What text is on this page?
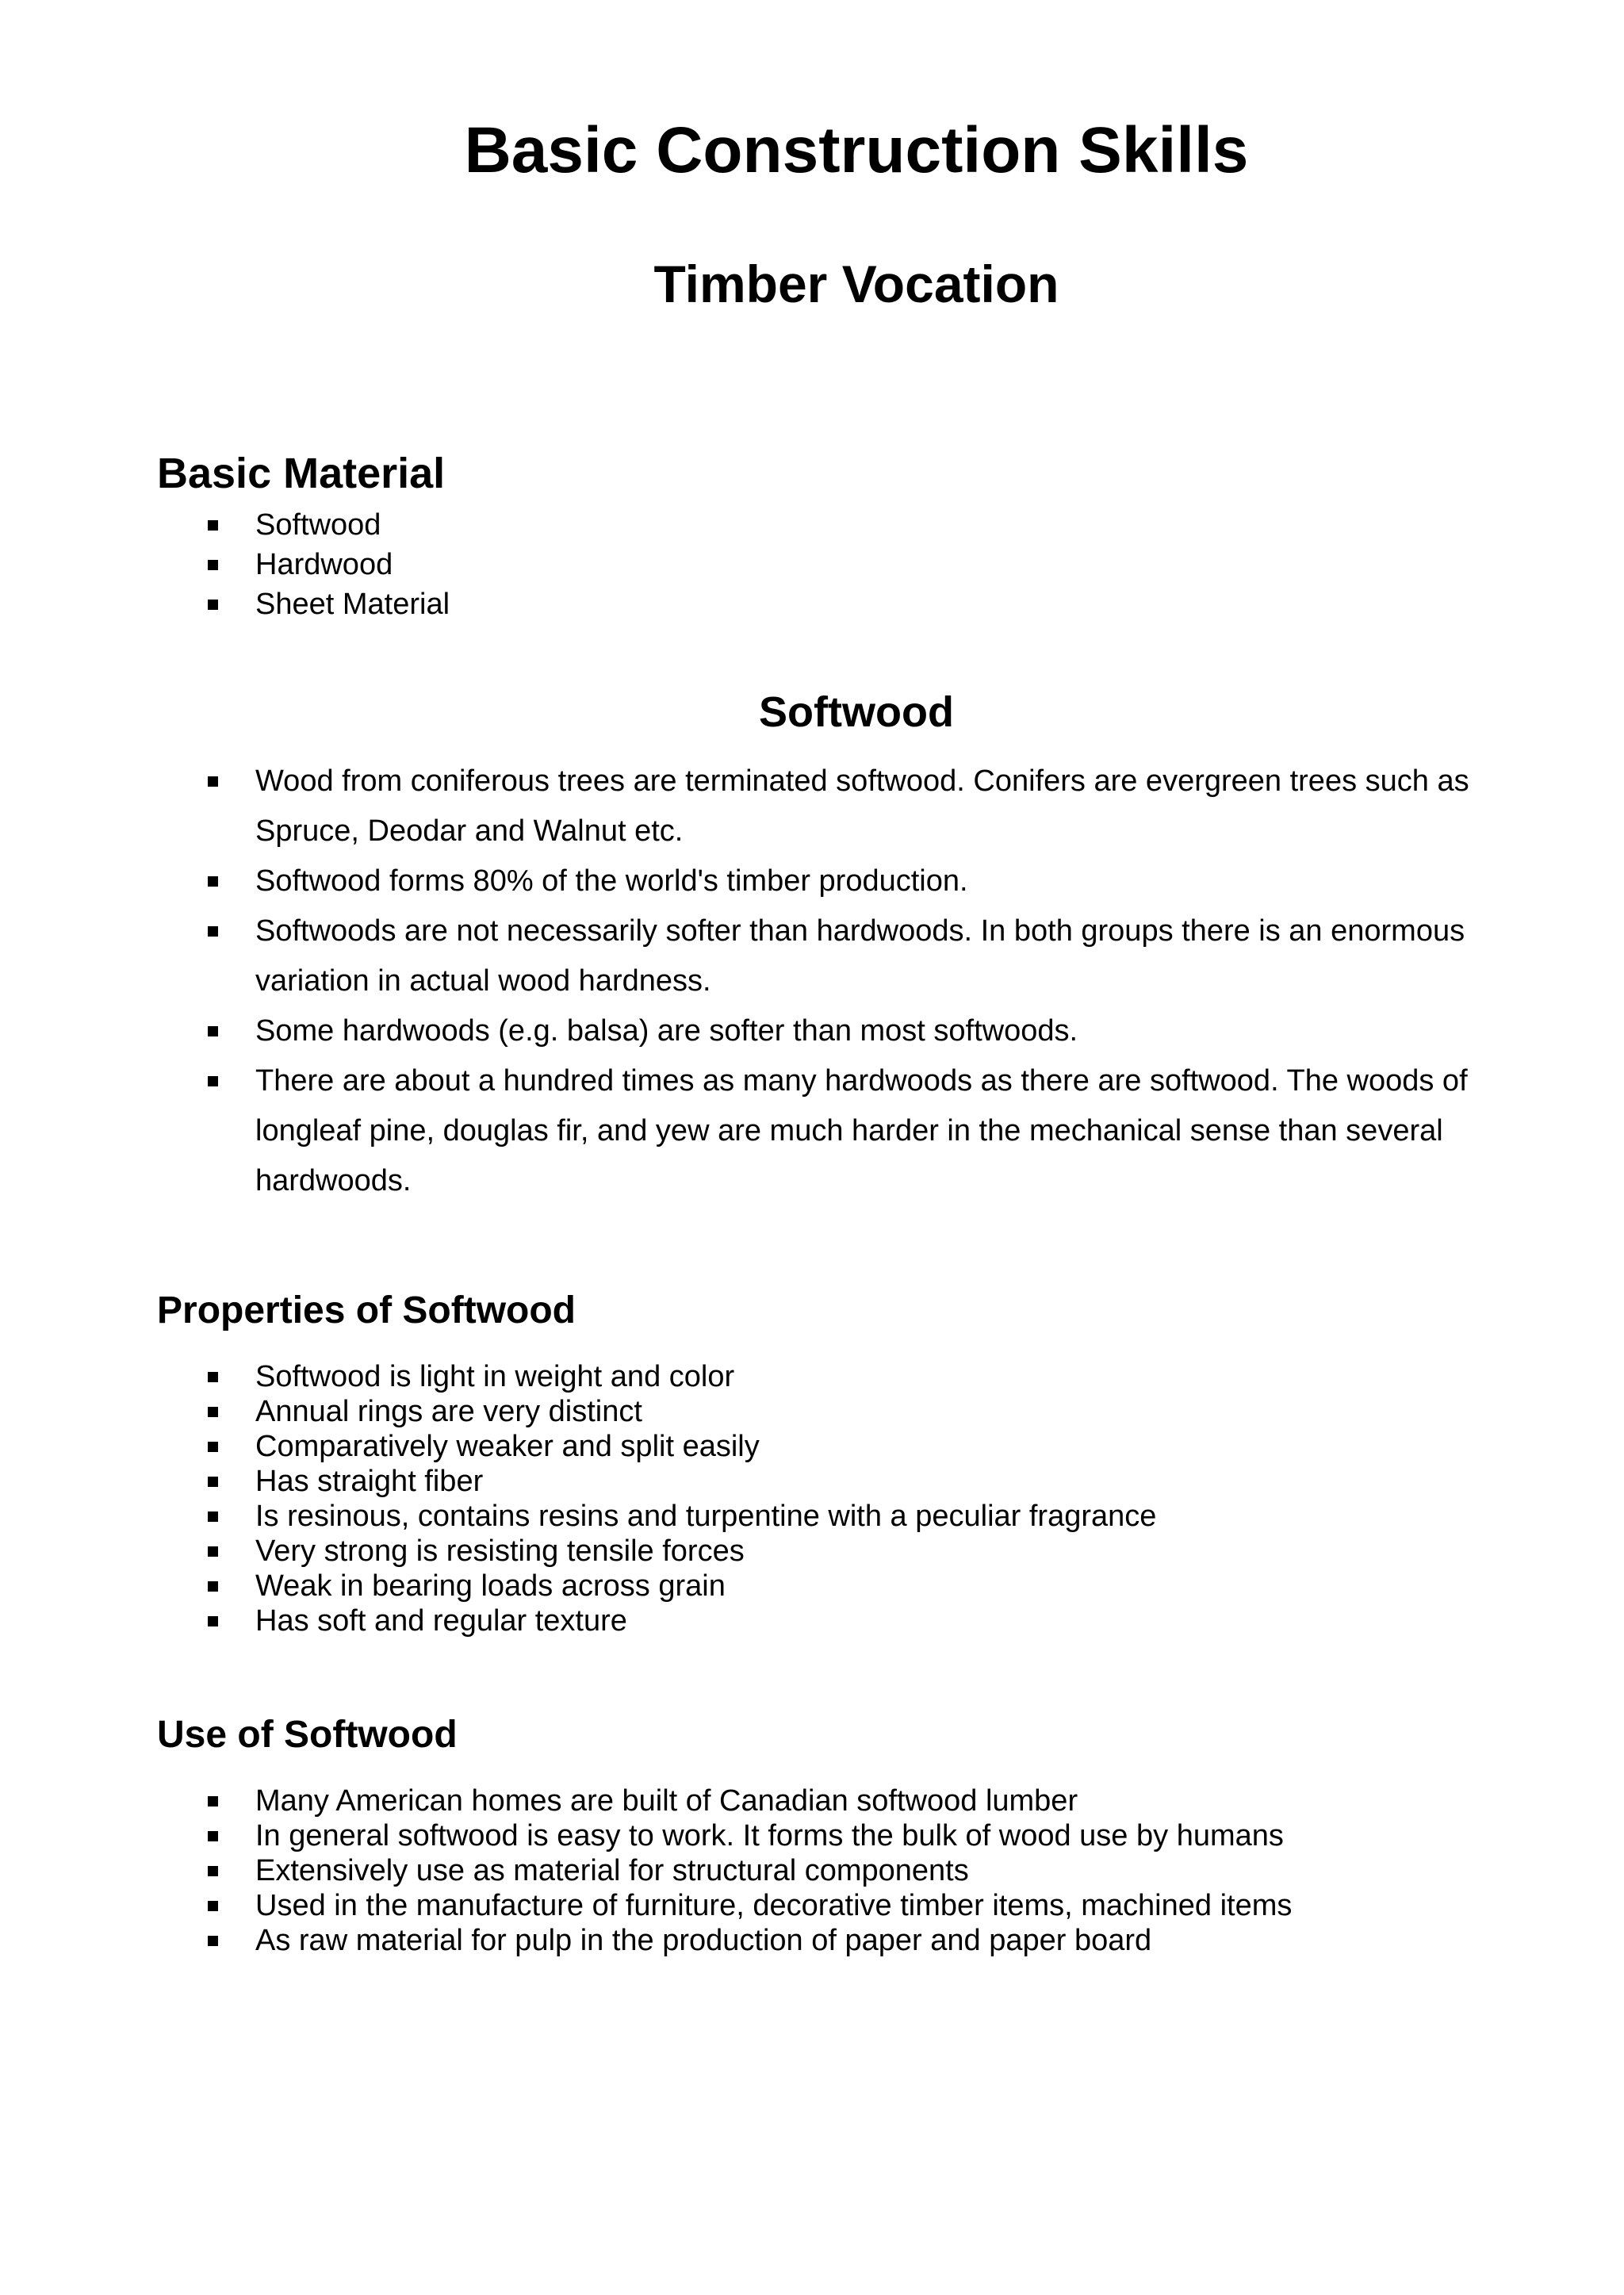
Basic Construction Skills
Timber Vocation
Basic Material
Softwood
Hardwood
Sheet Material
Softwood
Wood from coniferous trees are terminated softwood. Conifers are evergreen trees such as Spruce, Deodar and Walnut etc.
Softwood forms 80% of the world's timber production.
Softwoods are not necessarily softer than hardwoods. In both groups there is an enormous variation in actual wood hardness.
Some hardwoods (e.g. balsa) are softer than most softwoods.
There are about a hundred times as many hardwoods as there are softwood. The woods of longleaf pine, douglas fir, and yew are much harder in the mechanical sense than several hardwoods.
Properties of Softwood
Softwood is light in weight and color
Annual rings are very distinct
Comparatively weaker and split easily
Has straight fiber
Is resinous, contains resins and turpentine with a peculiar fragrance
Very strong is resisting tensile forces
Weak in bearing loads across grain
Has soft and regular texture
Use of Softwood
Many American homes are built of Canadian softwood lumber
In general softwood is easy to work. It forms the bulk of wood use by humans
Extensively use as material for structural components
Used in the manufacture of furniture, decorative timber items, machined items
As raw material for pulp in the production of paper and paper board
